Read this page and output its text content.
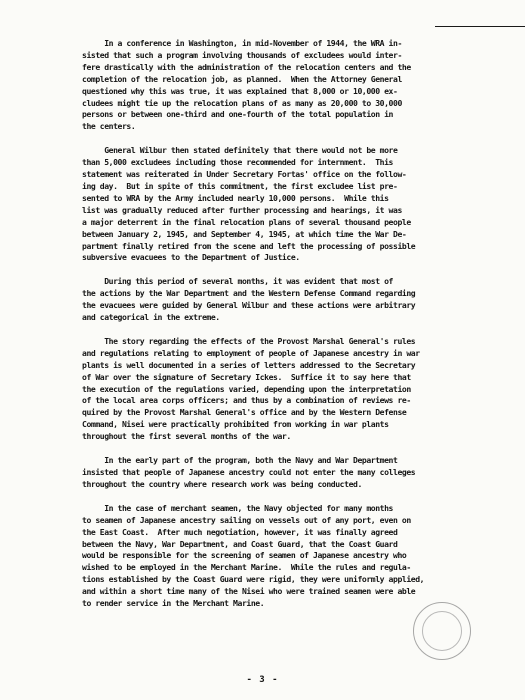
In a conference in Washington, in mid-November of 1944, the WRA in-
sisted that such a program involving thousands of excludees would inter-
fere drastically with the administration of the relocation centers and the
completion of the relocation job, as planned.  When the Attorney General
questioned why this was true, it was explained that 8,000 or 10,000 ex-
cludees might tie up the relocation plans of as many as 20,000 to 30,000
persons or between one-third and one-fourth of the total population in
the centers.

General Wilbur then stated definitely that there would not be more
than 5,000 excludees including those recommended for internment.  This
statement was reiterated in Under Secretary Fortas' office on the follow-
ing day.  But in spite of this commitment, the first excludee list pre-
sented to WRA by the Army included nearly 10,000 persons.  While this
list was gradually reduced after further processing and hearings, it was
a major deterrent in the final relocation plans of several thousand people
between January 2, 1945, and September 4, 1945, at which time the War De-
partment finally retired from the scene and left the processing of possible
subversive evacuees to the Department of Justice.

During this period of several months, it was evident that most of
the actions by the War Department and the Western Defense Command regarding
the evacuees were guided by General Wilbur and these actions were arbitrary
and categorical in the extreme.

The story regarding the effects of the Provost Marshal General's rules
and regulations relating to employment of people of Japanese ancestry in war
plants is well documented in a series of letters addressed to the Secretary
of War over the signature of Secretary Ickes.  Suffice it to say here that
the execution of the regulations varied, depending upon the interpretation
of the local area corps officers; and thus by a combination of reviews re-
quired by the Provost Marshal General's office and by the Western Defense
Command, Nisei were practically prohibited from working in war plants
throughout the first several months of the war.

In the early part of the program, both the Navy and War Department
insisted that people of Japanese ancestry could not enter the many colleges
throughout the country where research work was being conducted.

In the case of merchant seamen, the Navy objected for many months
to seamen of Japanese ancestry sailing on vessels out of any port, even on
the East Coast.  After much negotiation, however, it was finally agreed
between the Navy, War Department, and Coast Guard, that the Coast Guard
would be responsible for the screening of seamen of Japanese ancestry who
wished to be employed in the Merchant Marine.  While the rules and regula-
tions established by the Coast Guard were rigid, they were uniformly applied,
and within a short time many of the Nisei who were trained seamen were able
to render service in the Merchant Marine.

- 3 -
